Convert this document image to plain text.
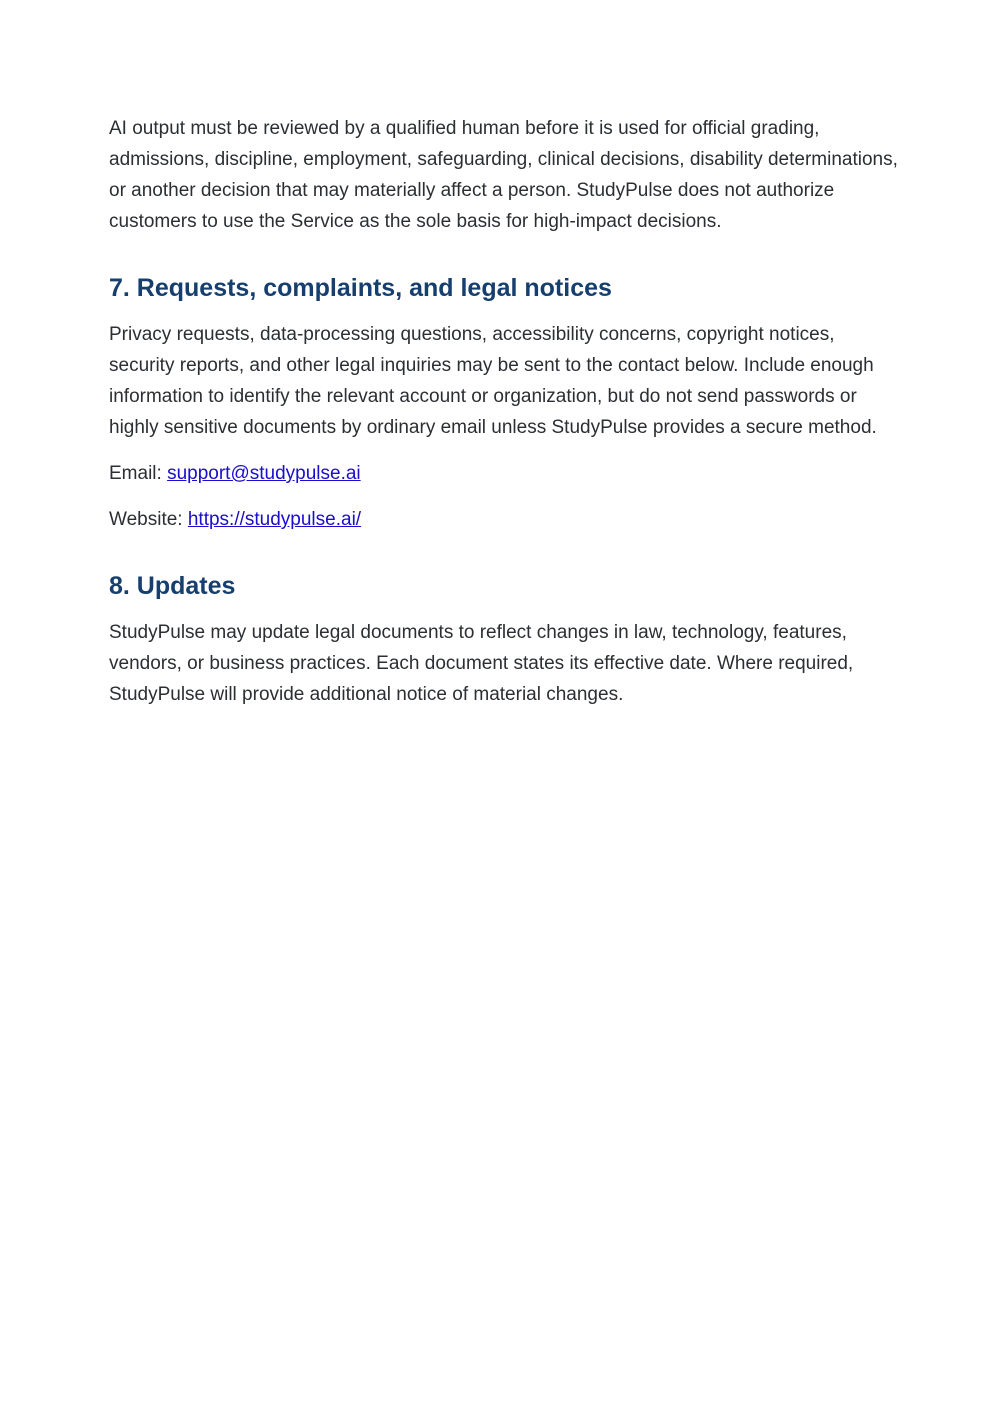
AI output must be reviewed by a qualified human before it is used for official grading, admissions, discipline, employment, safeguarding, clinical decisions, disability determinations, or another decision that may materially affect a person. StudyPulse does not authorize customers to use the Service as the sole basis for high-impact decisions.

7. Requests, complaints, and legal notices

Privacy requests, data-processing questions, accessibility concerns, copyright notices, security reports, and other legal inquiries may be sent to the contact below. Include enough information to identify the relevant account or organization, but do not send passwords or highly sensitive documents by ordinary email unless StudyPulse provides a secure method.

Email: support@studypulse.ai

Website: https://studypulse.ai/

8. Updates

StudyPulse may update legal documents to reflect changes in law, technology, features, vendors, or business practices. Each document states its effective date. Where required, StudyPulse will provide additional notice of material changes.
